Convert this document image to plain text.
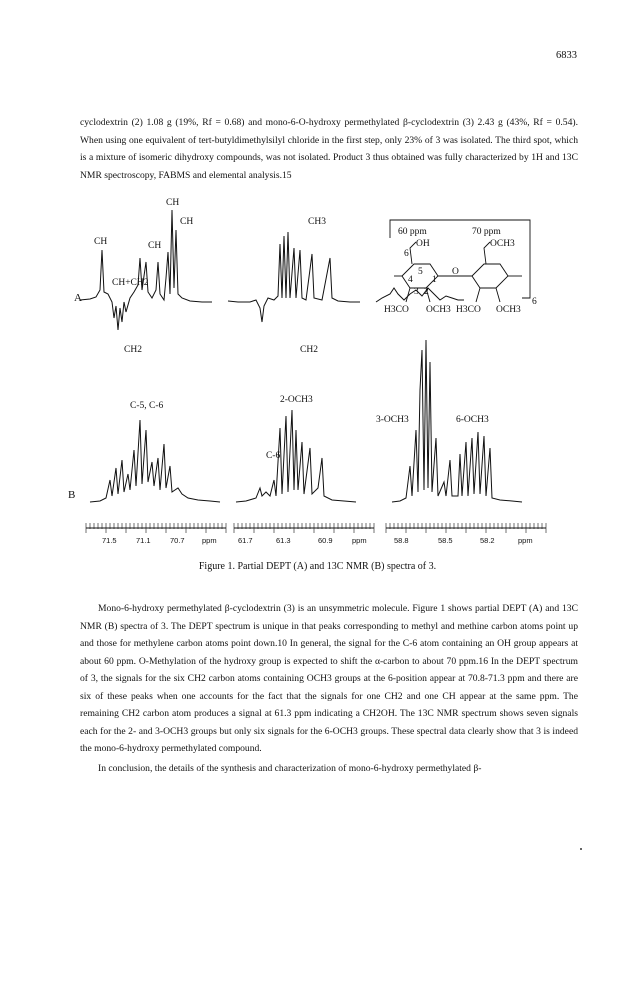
6833
cyclodextrin (2) 1.08 g (19%, Rf = 0.68) and mono-6-O-hydroxy permethylated β-cyclodextrin (3) 2.43 g (43%, Rf = 0.54). When using one equivalent of tert-butyldimethylsilyl chloride in the first step, only 23% of 3 was isolated. The third spot, which is a mixture of isomeric dihydroxy compounds, was not isolated. Product 3 thus obtained was fully characterized by 1H and 13C NMR spectroscopy, FABMS and elemental analysis.15
A
CH
CH
CH	CH
CH+CH2
CH2
CH3
CH2
60 ppm	70 ppm
OH	OCH3
6
5
4 1
2
3
O
H3CO OCH3 H3CO OCH3
6
B
C-5, C-6
C-6
2-OCH3
3-OCH3	6-OCH3
71.5	71.1	70.7 ppm	61.7	61.3	60.9	ppm	58.8	58.5	58.2	ppm
Figure 1. Partial DEPT (A) and 13C NMR (B) spectra of 3.
Mono-6-hydroxy permethylated β-cyclodextrin (3) is an unsymmetric molecule. Figure 1 shows partial DEPT (A) and 13C NMR (B) spectra of 3. The DEPT spectrum is unique in that peaks corresponding to methyl and methine carbon atoms point up and those for methylene carbon atoms point down.10 In general, the signal for the C-6 atom containing an OH group appears at about 60 ppm. O-Methylation of the hydroxy group is expected to shift the α-carbon to about 70 ppm.16 In the DEPT spectrum of 3, the signals for the six CH2 carbon atoms containing OCH3 groups at the 6-position appear at 70.8-71.3 ppm and there are six of these peaks when one accounts for the fact that the signals for one CH2 and one CH appear at the same ppm. The remaining CH2 carbon atom produces a signal at 61.3 ppm indicating a CH2OH. The 13C NMR spectrum shows seven signals each for the 2- and 3-OCH3 groups but only six signals for the 6-OCH3 groups. These spectral data clearly show that 3 is indeed the mono-6-hydroxy permethylated compound.
In conclusion, the details of the synthesis and characterization of mono-6-hydroxy permethylated β-
